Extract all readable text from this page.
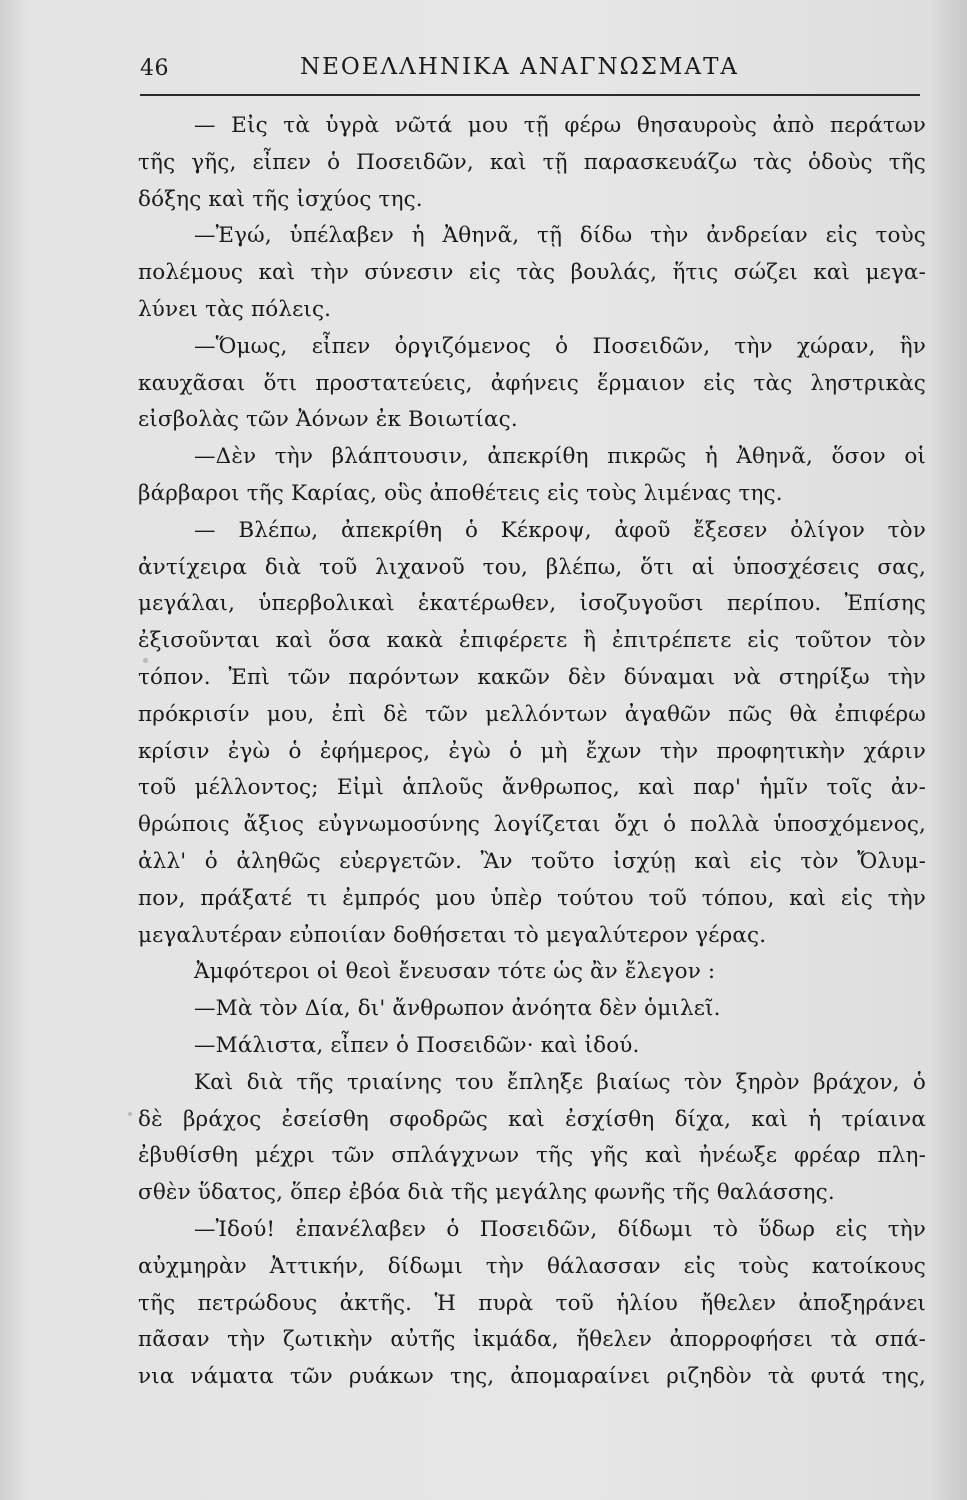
46	ΝΕΟΕΛΛΗΝΙΚΑ ΑΝΑΓΝΩΣΜΑΤΑ
— Εἰς τὰ ὑγρὰ νῶτά μου τῇ φέρω θησαυροὺς ἀπὸ περάτων
τῆς γῆς, εἶπεν ὁ Ποσειδῶν, καὶ τῇ παρασκευάζω τὰς ὁδοὺς τῆς
δόξης καὶ τῆς ἰσχύος της.
—Ἐγώ, ὑπέλαβεν ἡ Ἀθηνᾶ, τῇ δίδω τὴν ἀνδρείαν εἰς τοὺς
πολέμους καὶ τὴν σύνεσιν εἰς τὰς βουλάς, ἥτις σώζει καὶ μεγα-
λύνει τὰς πόλεις.
—Ὅμως, εἶπεν ὀργιζόμενος ὁ Ποσειδῶν, τὴν χώραν, ἣν
καυχᾶσαι ὅτι προστατεύεις, ἀφήνεις ἕρμαιον εἰς τὰς ληστρικὰς
εἰσβολὰς τῶν Ἀόνων ἐκ Βοιωτίας.
—Δὲν τὴν βλάπτουσιν, ἀπεκρίθη πικρῶς ἡ Ἀθηνᾶ, ὅσον οἱ
βάρβαροι τῆς Καρίας, οὓς ἀποθέτεις εἰς τοὺς λιμένας της.
— Βλέπω, ἀπεκρίθη ὁ Κέκροψ, ἀφοῦ ἔξεσεν ὀλίγον τὸν
ἀντίχειρα διὰ τοῦ λιχανοῦ του, βλέπω, ὅτι αἱ ὑποσχέσεις σας,
μεγάλαι, ὑπερβολικαὶ ἑκατέρωθεν, ἰσοζυγοῦσι περίπου. Ἐπίσης
ἐξισοῦνται καὶ ὅσα κακὰ ἐπιφέρετε ἢ ἐπιτρέπετε εἰς τοῦτον τὸν
τόπον. Ἐπὶ τῶν παρόντων κακῶν δὲν δύναμαι νὰ στηρίξω τὴν
πρόκρισίν μου, ἐπὶ δὲ τῶν μελλόντων ἀγαθῶν πῶς θὰ ἐπιφέρω
κρίσιν ἐγὼ ὁ ἐφήμερος, ἐγὼ ὁ μὴ ἔχων τὴν προφητικὴν χάριν
τοῦ μέλλοντος; Εἰμὶ ἁπλοῦς ἄνθρωπος, καὶ παρ' ἡμῖν τοῖς ἀν-
θρώποις ἄξιος εὐγνωμοσύνης λογίζεται ὄχι ὁ πολλὰ ὑποσχόμενος,
ἀλλ' ὁ ἀληθῶς εὐεργετῶν. Ἂν τοῦτο ἰσχύῃ καὶ εἰς τὸν Ὄλυμ-
πον, πράξατέ τι ἐμπρός μου ὑπὲρ τούτου τοῦ τόπου, καὶ εἰς τὴν
μεγαλυτέραν εὐποιίαν δοθήσεται τὸ μεγαλύτερον γέρας.
Ἀμφότεροι οἱ θεοὶ ἔνευσαν τότε ὡς ἂν ἔλεγον :
—Μὰ τὸν Δία, δι' ἄνθρωπον ἀνόητα δὲν ὁμιλεῖ.
—Μάλιστα, εἶπεν ὁ Ποσειδῶν· καὶ ἰδού.
Καὶ διὰ τῆς τριαίνης του ἔπληξε βιαίως τὸν ξηρὸν βράχον, ὁ
δὲ βράχος ἐσείσθη σφοδρῶς καὶ ἐσχίσθη δίχα, καὶ ἡ τρίαινα
ἐβυθίσθη μέχρι τῶν σπλάγχνων τῆς γῆς καὶ ἠνέωξε φρέαρ πλη-
σθὲν ὕδατος, ὅπερ ἐβόα διὰ τῆς μεγάλης φωνῆς τῆς θαλάσσης.
—Ἰδού! ἐπανέλαβεν ὁ Ποσειδῶν, δίδωμι τὸ ὕδωρ εἰς τὴν
αὐχμηρὰν Ἀττικήν, δίδωμι τὴν θάλασσαν εἰς τοὺς κατοίκους
τῆς πετρώδους ἀκτῆς. Ἡ πυρὰ τοῦ ἡλίου ἤθελεν ἀποξηράνει
πᾶσαν τὴν ζωτικὴν αὐτῆς ἰκμάδα, ἤθελεν ἀπορροφήσει τὰ σπά-
νια νάματα τῶν ρυάκων της, ἀπομαραίνει ριζηδὸν τὰ φυτά της,
